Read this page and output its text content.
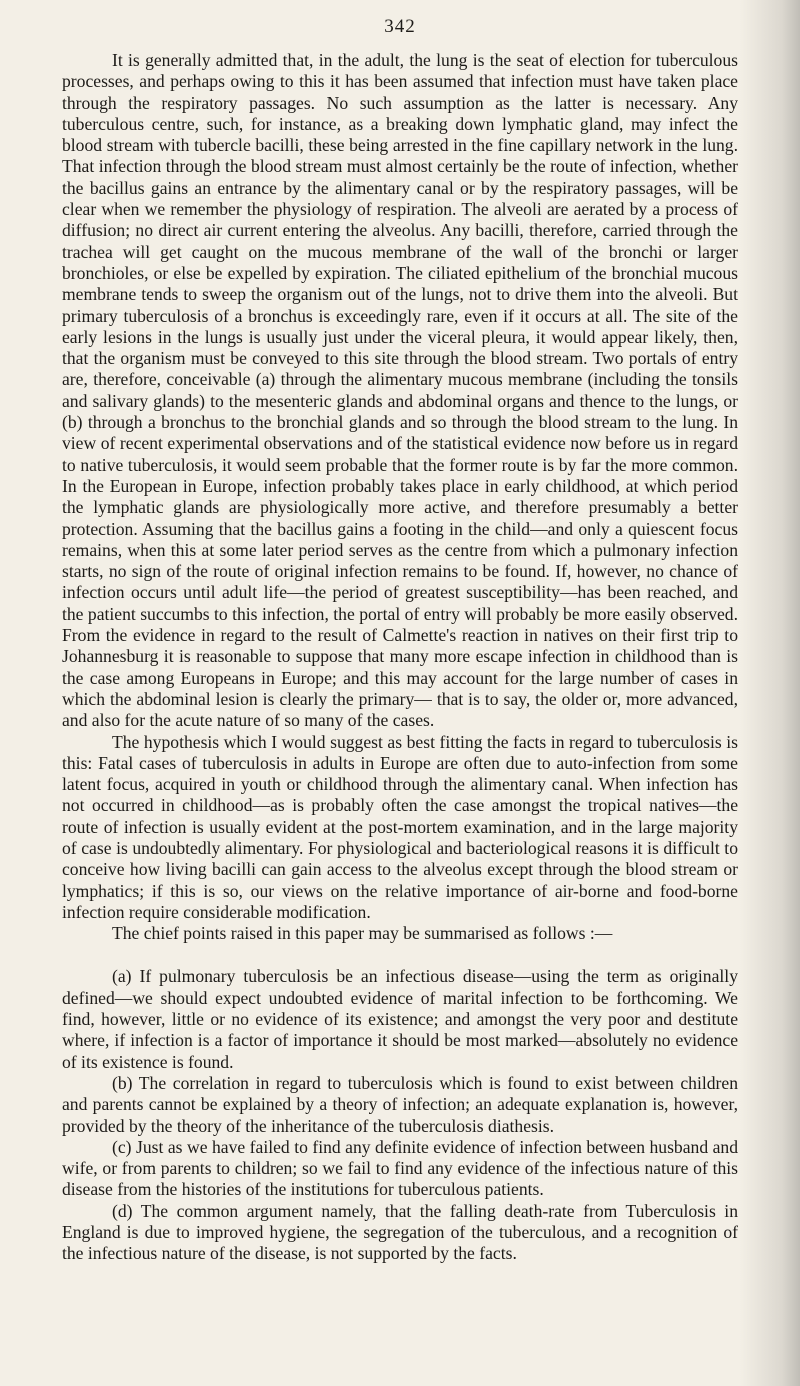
342

It is generally admitted that, in the adult, the lung is the seat of election for tuberculous processes, and perhaps owing to this it has been assumed that infection must have taken place through the respiratory passages. No such assumption as the latter is necessary. Any tuberculous centre, such, for instance, as a breaking down lymphatic gland, may infect the blood stream with tubercle bacilli, these being arrested in the fine capillary network in the lung. That infection through the blood stream must almost certainly be the route of infection, whether the bacillus gains an entrance by the alimentary canal or by the respiratory passages, will be clear when we remember the physiology of respiration. The alveoli are aerated by a process of diffusion; no direct air current entering the alveolus. Any bacilli, therefore, carried through the trachea will get caught on the mucous membrane of the wall of the bronchi or larger bronchioles, or else be expelled by expiration. The ciliated epithelium of the bronchial mucous membrane tends to sweep the organism out of the lungs, not to drive them into the alveoli. But primary tuberculosis of a bronchus is exceedingly rare, even if it occurs at all. The site of the early lesions in the lungs is usually just under the viceral pleura, it would appear likely, then, that the organism must be conveyed to this site through the blood stream. Two portals of entry are, therefore, conceivable (a) through the alimentary mucous membrane (including the tonsils and salivary glands) to the mesenteric glands and abdominal organs and thence to the lungs, or (b) through a bronchus to the bronchial glands and so through the blood stream to the lung. In view of recent experimental observations and of the statistical evidence now before us in regard to native tuberculosis, it would seem probable that the former route is by far the more common. In the European in Europe, infection probably takes place in early childhood, at which period the lymphatic glands are physiologically more active, and therefore presumably a better protection. Assuming that the bacillus gains a footing in the child—and only a quiescent focus remains, when this at some later period serves as the centre from which a pulmonary infection starts, no sign of the route of original infection remains to be found. If, however, no chance of infection occurs until adult life—the period of greatest susceptibility—has been reached, and the patient succumbs to this infection, the portal of entry will probably be more easily observed. From the evidence in regard to the result of Calmette's reaction in natives on their first trip to Johannesburg it is reasonable to suppose that many more escape infection in childhood than is the case among Europeans in Europe; and this may account for the large number of cases in which the abdominal lesion is clearly the primary— that is to say, the older or, more advanced, and also for the acute nature of so many of the cases.

The hypothesis which I would suggest as best fitting the facts in regard to tuberculosis is this: Fatal cases of tuberculosis in adults in Europe are often due to auto-infection from some latent focus, acquired in youth or childhood through the alimentary canal. When infection has not occurred in childhood—as is probably often the case amongst the tropical natives—the route of infection is usually evident at the post-mortem examination, and in the large majority of case is undoubtedly alimentary. For physiological and bacteriological reasons it is difficult to conceive how living bacilli can gain access to the alveolus except through the blood stream or lymphatics; if this is so, our views on the relative importance of air-borne and food-borne infection require considerable modification.

The chief points raised in this paper may be summarised as follows :—

(a) If pulmonary tuberculosis be an infectious disease—using the term as originally defined—we should expect undoubted evidence of marital infection to be forthcoming. We find, however, little or no evidence of its existence; and amongst the very poor and destitute where, if infection is a factor of importance it should be most marked—absolutely no evidence of its existence is found.

(b) The correlation in regard to tuberculosis which is found to exist between children and parents cannot be explained by a theory of infection; an adequate explanation is, however, provided by the theory of the inheritance of the tuberculosis diathesis.

(c) Just as we have failed to find any definite evidence of infection between husband and wife, or from parents to children; so we fail to find any evidence of the infectious nature of this disease from the histories of the institutions for tuberculous patients.

(d) The common argument namely, that the falling death-rate from Tuberculosis in England is due to improved hygiene, the segregation of the tuberculous, and a recognition of the infectious nature of the disease, is not supported by the facts.
